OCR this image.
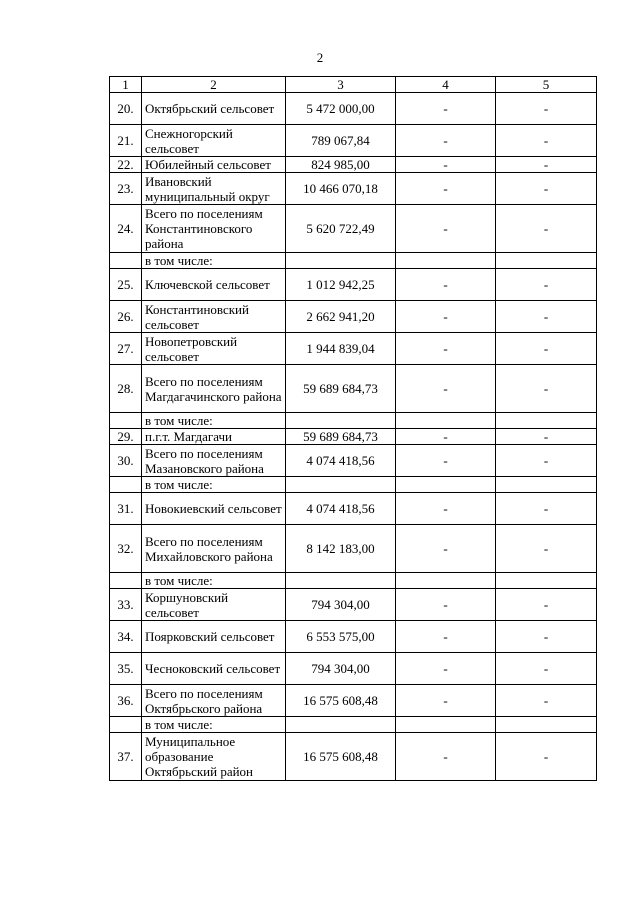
2
1	2	3	4	5
20.	Октябрьский сельсовет	5 472 000,00	-	-
21.	Снежногорский сельсовет	789 067,84	-	-
22.	Юбилейный сельсовет	824 985,00	-	-
23.	Ивановский муниципальный округ	10 466 070,18	-	-
24.	Всего по поселениям Константиновского района	5 620 722,49	-	-
	в том числе:			
25.	Ключевской сельсовет	1 012 942,25	-	-
26.	Константиновский сельсовет	2 662 941,20	-	-
27.	Новопетровский сельсовет	1 944 839,04	-	-
28.	Всего по поселениям Магдагачинского района	59 689 684,73	-	-
	в том числе:			
29.	п.г.т. Магдагачи	59 689 684,73	-	-
30.	Всего по поселениям Мазановского района	4 074 418,56	-	-
	в том числе:			
31.	Новокиевский сельсовет	4 074 418,56	-	-
32.	Всего по поселениям Михайловского района	8 142 183,00	-	-
	в том числе:			
33.	Коршуновский сельсовет	794 304,00	-	-
34.	Поярковский сельсовет	6 553 575,00	-	-
35.	Чесноковский сельсовет	794 304,00	-	-
36.	Всего по поселениям Октябрьского района	16 575 608,48	-	-
	в том числе:			
37.	Муниципальное образование Октябрьский район	16 575 608,48	-	-
